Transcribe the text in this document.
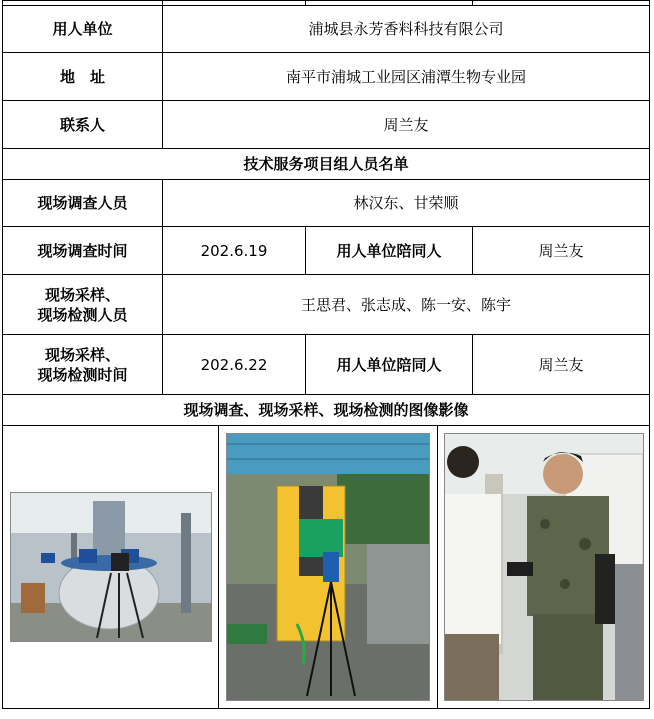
用人单位	浦城县永芳香料科技有限公司		
地　址	南平市浦城工业园区浦潭生物专业园		
联系人	周兰友		
技术服务项目组人员名单			
现场调查人员	林汉东、甘荣顺		
现场调查时间	202.6.19	用人单位陪同人	周兰友

现场采样、
现场检测人员	王思君、张志成、陈一安、陈宇		

现场采样、
现场检测时间	202.6.22	用人单位陪同人	周兰友
现场调查、现场采样、现场检测的图像影像			
